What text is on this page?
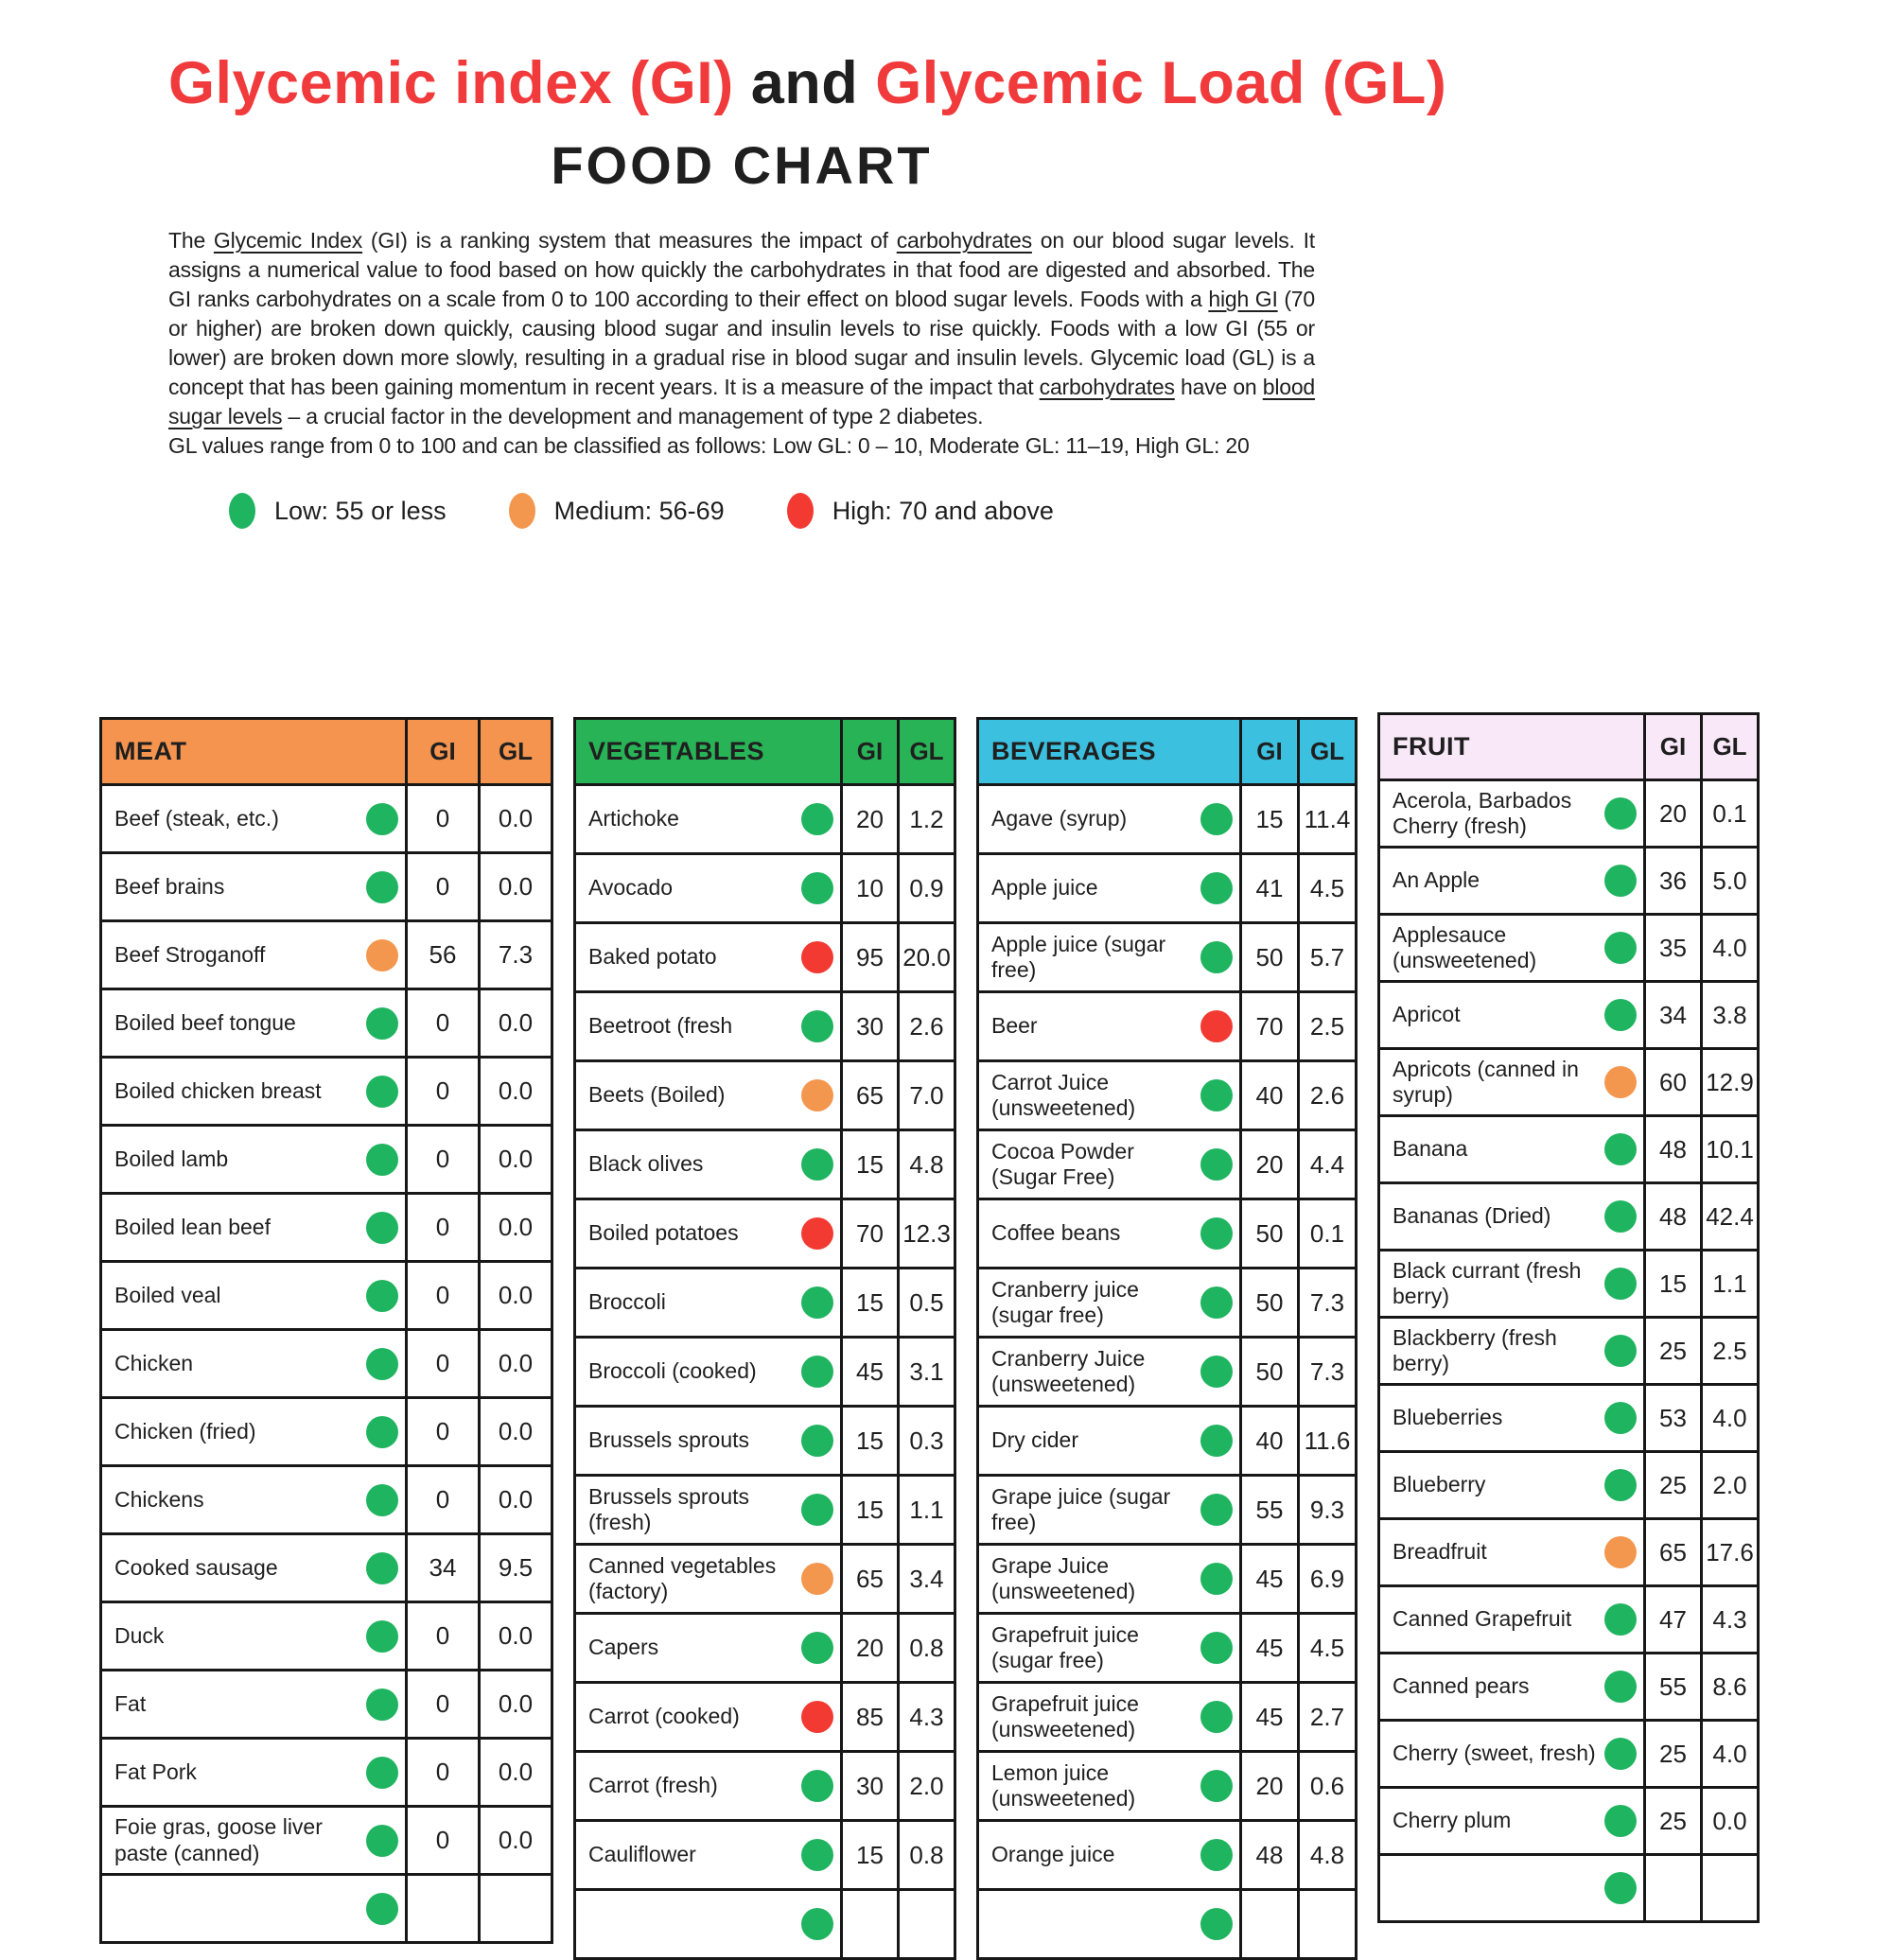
Glycemic index (GI) and Glycemic Load (GL)
FOOD CHART
The Glycemic Index (GI) is a ranking system that measures the impact of carbohydrates on our blood sugar levels. It assigns a numerical value to food based on how quickly the carbohydrates in that food are digested and absorbed. The GI ranks carbohydrates on a scale from 0 to 100 according to their effect on blood sugar levels. Foods with a high GI (70 or higher) are broken down quickly, causing blood sugar and insulin levels to rise quickly. Foods with a low GI (55 or lower) are broken down more slowly, resulting in a gradual rise in blood sugar and insulin levels. Glycemic load (GL) is a concept that has been gaining momentum in recent years. It is a measure of the impact that carbohydrates have on blood sugar levels – a crucial factor in the development and management of type 2 diabetes.
GL values range from 0 to 100 and can be classified as follows: Low GL: 0 – 10, Moderate GL: 11–19, High GL: 20
Low: 55 or less	Medium: 56-69	High: 70 and above
MEAT	GI	GL
Beef (steak, etc.)	0	0.0
Beef brains	0	0.0
Beef Stroganoff	56	7.3
Boiled beef tongue	0	0.0
Boiled chicken breast	0	0.0
Boiled lamb	0	0.0
Boiled lean beef	0	0.0
Boiled veal	0	0.0
Chicken	0	0.0
Chicken (fried)	0	0.0
Chickens	0	0.0
Cooked sausage	34	9.5
Duck	0	0.0
Fat	0	0.0
Fat Pork	0	0.0
Foie gras, goose liver paste (canned)	0	0.0
VEGETABLES	GI	GL
Artichoke	20	1.2
Avocado	10	0.9
Baked potato	95 20.0
Beetroot (fresh	30	2.6
Beets (Boiled)	65	7.0
Black olives	15	4.8
Boiled potatoes	70 12.3
Broccoli	15	0.5
Broccoli (cooked)	45	3.1
Brussels sprouts	15	0.3
Brussels sprouts (fresh)	15	1.1
Canned vegetables (factory)	65	3.4
Capers	20	0.8
Carrot (cooked)	85	4.3
Carrot (fresh)	30	2.0
Cauliflower	15	0.8
BEVERAGES	GI	GL
Agave (syrup)	15 11.4
Apple juice	41	4.5
Apple juice (sugar free)	50	5.7
Beer	70	2.5
Carrot Juice (unsweetened)	40	2.6
Cocoa Powder (Sugar Free)	20	4.4
Coffee beans	50	0.1
Cranberry juice (sugar free)	50	7.3
Cranberry Juice (unsweetened)	50	7.3
Dry cider	40 11.6
Grape juice (sugar free)	55	9.3
Grape Juice (unsweetened)	45	6.9
Grapefruit juice (sugar free)	45	4.5
Grapefruit juice (unsweetened)	45	2.7
Lemon juice (unsweetened)	20	0.6
Orange juice	48	4.8
FRUIT	GI	GL
Acerola, Barbados Cherry (fresh)	20	0.1
An Apple	36	5.0
Applesauce (unsweetened)	35	4.0
Apricot	34	3.8
Apricots (canned in syrup)	60 12.9
Banana	48 10.1
Bananas (Dried)	48 42.4
Black currant (fresh berry)	15	1.1
Blackberry (fresh berry)	25	2.5
Blueberries	53	4.0
Blueberry	25	2.0
Breadfruit	65 17.6
Canned Grapefruit	47	4.3
Canned pears	55	8.6
Cherry (sweet, fresh)	25	4.0
Cherry plum	25	0.0
